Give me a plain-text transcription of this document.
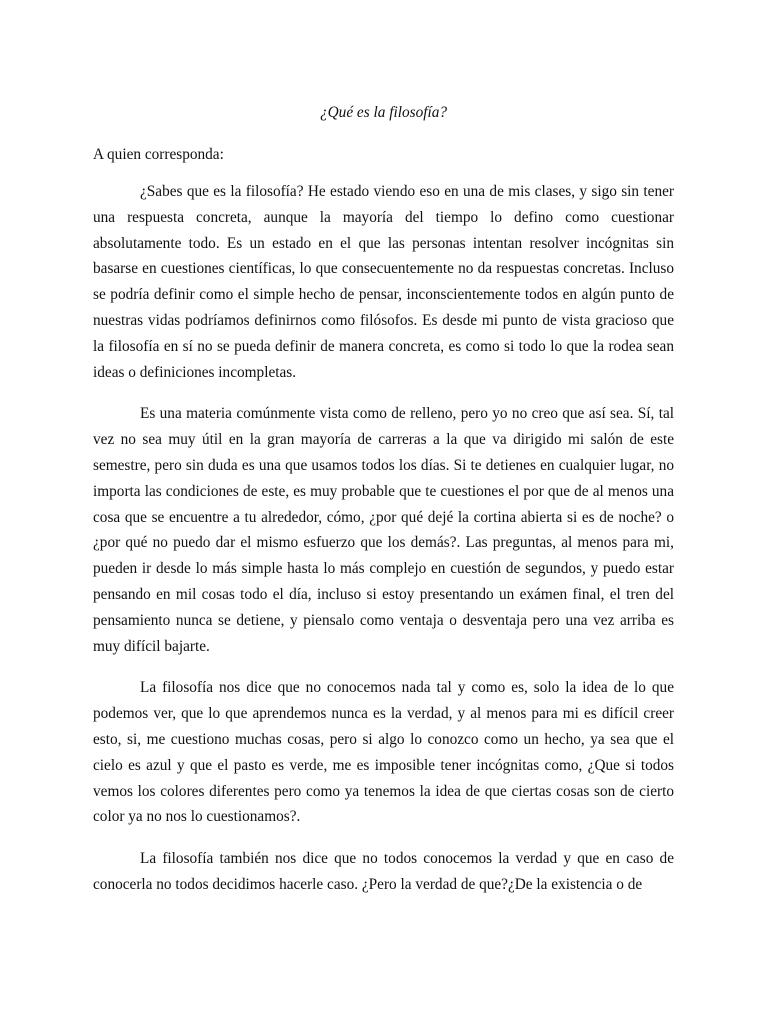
¿Qué es la filosofía?

A quien corresponda:

¿Sabes que es la filosofía? He estado viendo eso en una de mis clases, y sigo sin tener una respuesta concreta, aunque la mayoría del tiempo lo defino como cuestionar absolutamente todo. Es un estado en el que las personas intentan resolver incógnitas sin basarse en cuestiones científicas, lo que consecuentemente no da respuestas concretas. Incluso se podría definir como el simple hecho de pensar, inconscientemente todos en algún punto de nuestras vidas podríamos definirnos como filósofos. Es desde mi punto de vista gracioso que la filosofía en sí no se pueda definir de manera concreta, es como si todo lo que la rodea sean ideas o definiciones incompletas.

Es una materia comúnmente vista como de relleno, pero yo no creo que así sea. Sí, tal vez no sea muy útil en la gran mayoría de carreras a la que va dirigido mi salón de este semestre, pero sin duda es una que usamos todos los días. Si te detienes en cualquier lugar, no importa las condiciones de este, es muy probable que te cuestiones el por que de al menos una cosa que se encuentre a tu alrededor, cómo, ¿por qué dejé la cortina abierta si es de noche? o ¿por qué no puedo dar el mismo esfuerzo que los demás?. Las preguntas, al menos para mi, pueden ir desde lo más simple hasta lo más complejo en cuestión de segundos, y puedo estar pensando en mil cosas todo el día, incluso si estoy presentando un exámen final, el tren del pensamiento nunca se detiene, y piensalo como ventaja o desventaja pero una vez arriba es muy difícil bajarte.

La filosofía nos dice que no conocemos nada tal y como es, solo la idea de lo que podemos ver, que lo que aprendemos nunca es la verdad, y al menos para mi es difícil creer esto, si, me cuestiono muchas cosas, pero si algo lo conozco como un hecho, ya sea que el cielo es azul y que el pasto es verde, me es imposible tener incógnitas como, ¿Que si todos vemos los colores diferentes pero como ya tenemos la idea de que ciertas cosas son de cierto color ya no nos lo cuestionamos?.

La filosofía también nos dice que no todos conocemos la verdad y que en caso de conocerla no todos decidimos hacerle caso. ¿Pero la verdad de que?¿De la existencia o de
